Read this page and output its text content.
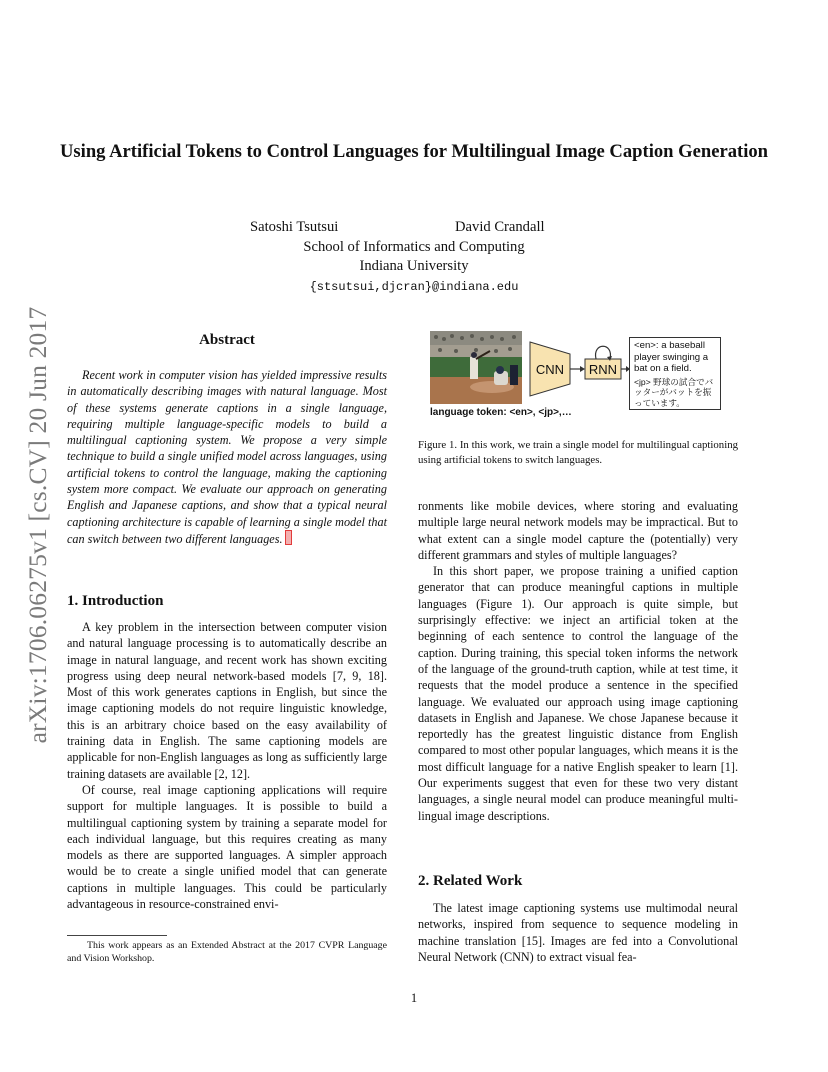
arXiv:1706.06275v1 [cs.CV] 20 Jun 2017
Using Artificial Tokens to Control Languages for Multilingual Image Caption Generation
Satoshi Tsutsui	David Crandall
School of Informatics and Computing
Indiana University
{stsutsui,djcran}@indiana.edu
Abstract

Recent work in computer vision has yielded impressive results in automatically describing images with natural language. Most of these systems generate captions in a single language, requiring multiple language-specific models to build a multilingual captioning system. We propose a very simple technique to build a single unified model across languages, using artificial tokens to control the language, making the captioning system more compact. We evaluate our approach on generating English and Japanese captions, and show that a typical neural captioning architecture is capable of learning a single model that can switch between two different languages.

1. Introduction

A key problem in the intersection between computer vision and natural language processing is to automatically describe an image in natural language, and recent work has shown exciting progress using deep neural network-based models [7, 9, 18]. Most of this work generates captions in English, but since the image captioning models do not require linguistic knowledge, this is an arbitrary choice based on the easy availability of training data in English. The same captioning models are applicable for non-English languages as long as sufficiently large training datasets are available [2, 12].

Of course, real image captioning applications will require support for multiple languages. It is possible to build a multilingual captioning system by training a separate model for each individual language, but this requires creating as many models as there are supported languages. A simpler approach would be to create a single unified model that can generate captions in multiple languages. This could be particularly advantageous in resource-constrained envi-

This work appears as an Extended Abstract at the 2017 CVPR Language and Vision Workshop.
CNN	RNN
<en>: a baseball player swinging a bat on a field.
<jp> 野球の試合でバッターがバットを振っています。
language token: <en>, <jp>,…
Figure 1. In this work, we train a single model for multilingual captioning using artificial tokens to switch languages.

ronments like mobile devices, where storing and evaluating multiple large neural network models may be impractical. But to what extent can a single model capture the (potentially) very different grammars and styles of multiple languages?

In this short paper, we propose training a unified caption generator that can produce meaningful captions in multiple languages (Figure 1). Our approach is quite simple, but surprisingly effective: we inject an artificial token at the beginning of each sentence to control the language of the caption. During training, this special token informs the network of the language of the ground-truth caption, while at test time, it requests that the model produce a sentence in the specified language. We evaluated our approach using image captioning datasets in English and Japanese. We chose Japanese because it reportedly has the greatest linguistic distance from English compared to most other popular languages, which means it is the most difficult language for a native English speaker to learn [1]. Our experiments suggest that even for these two very distant languages, a single neural model can produce meaningful multi-lingual image descriptions.

2. Related Work

The latest image captioning systems use multimodal neural networks, inspired from sequence to sequence modeling in machine translation [15]. Images are fed into a Convolutional Neural Network (CNN) to extract visual fea-

1
